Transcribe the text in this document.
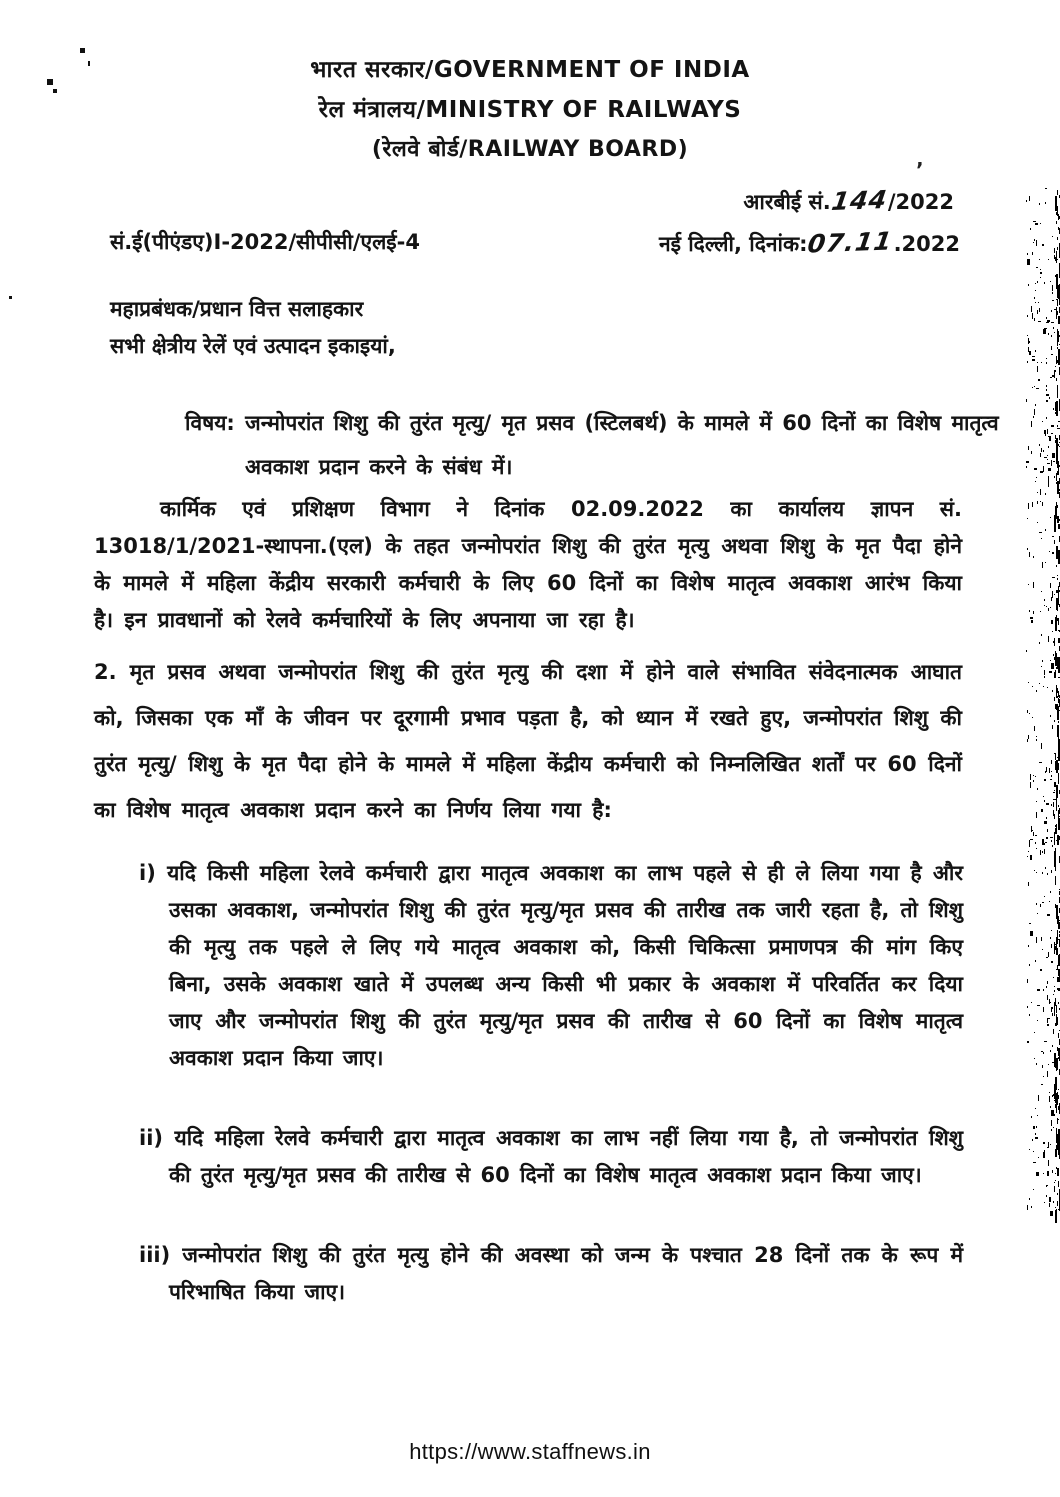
’
भारत सरकार/GOVERNMENT OF INDIA
रेल मंत्रालय/MINISTRY OF RAILWAYS
(रेलवे बोर्ड/RAILWAY BOARD)
आरबीई सं.144/2022
सं.ई(पीएंडए)I-2022/सीपीसी/एलई-4	नई दिल्ली, दिनांक:07.11.2022
महाप्रबंधक/प्रधान वित्त सलाहकार
सभी क्षेत्रीय रेलें एवं उत्पादन इकाइयां,
विषय: जन्मोपरांत शिशु की तुरंत मृत्यु/ मृत प्रसव (स्टिलबर्थ) के मामले में 60 दिनों का विशेष मातृत्व अवकाश प्रदान करने के संबंध में।
कार्मिक एवं प्रशिक्षण विभाग ने दिनांक 02.09.2022 का कार्यालय ज्ञापन सं. 13018/1/2021-स्थापना.(एल) के तहत जन्मोपरांत शिशु की तुरंत मृत्यु अथवा शिशु के मृत पैदा होने के मामले में महिला केंद्रीय सरकारी कर्मचारी के लिए 60 दिनों का विशेष मातृत्व अवकाश आरंभ किया है। इन प्रावधानों को रेलवे कर्मचारियों के लिए अपनाया जा रहा है।
2. मृत प्रसव अथवा जन्मोपरांत शिशु की तुरंत मृत्यु की दशा में होने वाले संभावित संवेदनात्मक आघात को, जिसका एक माँ के जीवन पर दूरगामी प्रभाव पड़ता है, को ध्यान में रखते हुए, जन्मोपरांत शिशु की तुरंत मृत्यु/ शिशु के मृत पैदा होने के मामले में महिला केंद्रीय कर्मचारी को निम्नलिखित शर्तों पर 60 दिनों का विशेष मातृत्व अवकाश प्रदान करने का निर्णय लिया गया है:
i) यदि किसी महिला रेलवे कर्मचारी द्वारा मातृत्व अवकाश का लाभ पहले से ही ले लिया गया है और उसका अवकाश, जन्मोपरांत शिशु की तुरंत मृत्यु/मृत प्रसव की तारीख तक जारी रहता है, तो शिशु की मृत्यु तक पहले ले लिए गये मातृत्व अवकाश को, किसी चिकित्सा प्रमाणपत्र की मांग किए बिना, उसके अवकाश खाते में उपलब्ध अन्य किसी भी प्रकार के अवकाश में परिवर्तित कर दिया जाए और जन्मोपरांत शिशु की तुरंत मृत्यु/मृत प्रसव की तारीख से 60 दिनों का विशेष मातृत्व अवकाश प्रदान किया जाए।
ii) यदि महिला रेलवे कर्मचारी द्वारा मातृत्व अवकाश का लाभ नहीं लिया गया है, तो जन्मोपरांत शिशु की तुरंत मृत्यु/मृत प्रसव की तारीख से 60 दिनों का विशेष मातृत्व अवकाश प्रदान किया जाए।
iii) जन्मोपरांत शिशु की तुरंत मृत्यु होने की अवस्था को जन्म के पश्चात 28 दिनों तक के रूप में परिभाषित किया जाए।
https://www.staffnews.in
